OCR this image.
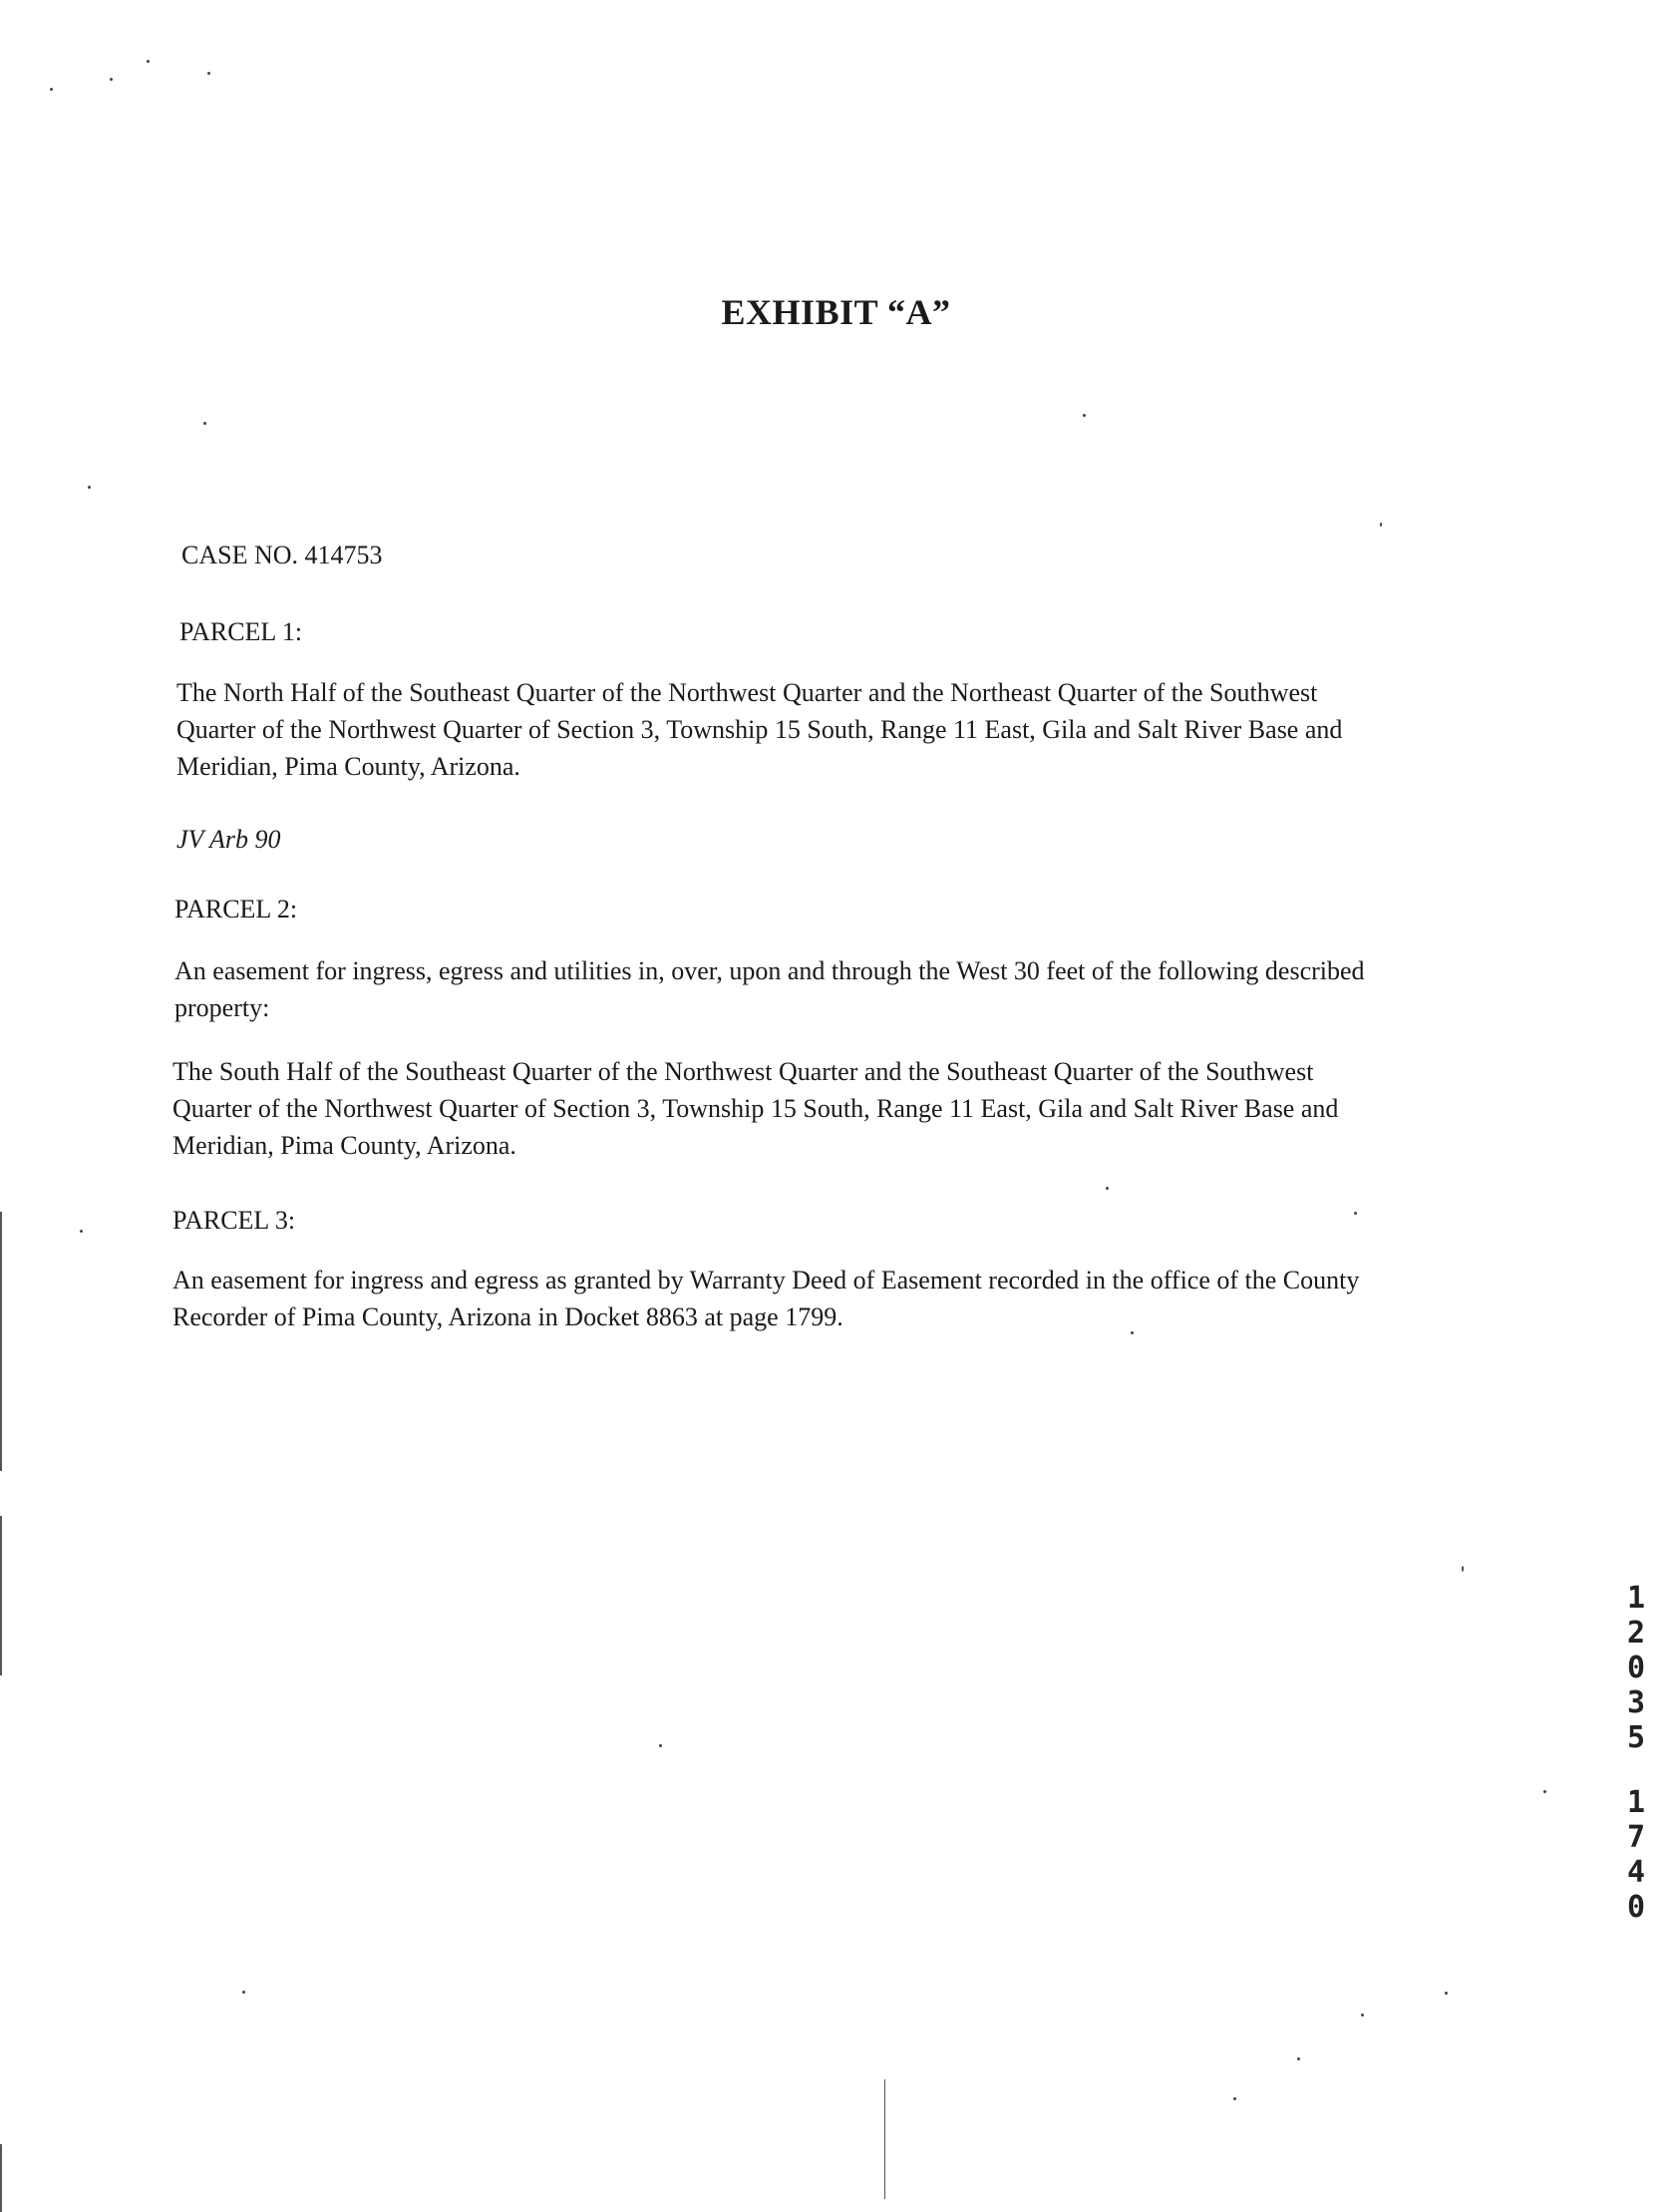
EXHIBIT “A”
CASE NO. 414753
PARCEL 1:
The North Half of the Southeast Quarter of the Northwest Quarter and the Northeast Quarter of the Southwest
Quarter of the Northwest Quarter of Section 3, Township 15 South, Range 11 East, Gila and Salt River Base and
Meridian, Pima County, Arizona.
JV Arb 90
PARCEL 2:
An easement for ingress, egress and utilities in, over, upon and through the West 30 feet of the following described
property:
The South Half of the Southeast Quarter of the Northwest Quarter and the Southeast Quarter of the Southwest
Quarter of the Northwest Quarter of Section 3, Township 15 South, Range 11 East, Gila and Salt River Base and
Meridian, Pima County, Arizona.
PARCEL 3:
An easement for ingress and egress as granted by Warranty Deed of Easement recorded in the office of the County
Recorder of Pima County, Arizona in Docket 8863 at page 1799.
1
2
0
3
5
1
7
4
0
